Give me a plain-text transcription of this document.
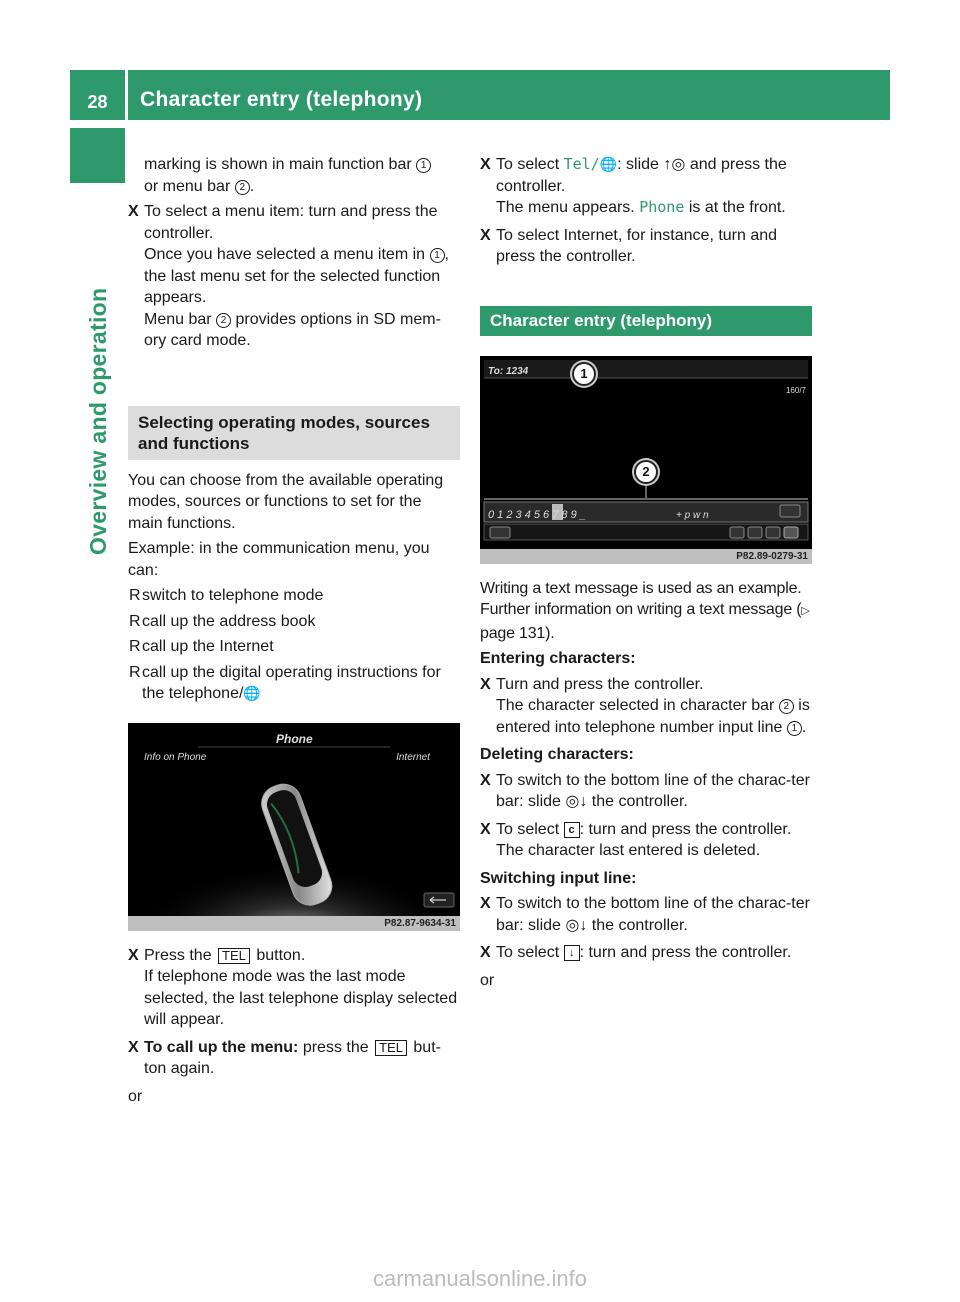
28	Character entry (telephony)
Overview and operation

marking is shown in main function bar 1
or menu bar 2 .

X To select a menu item: turn and press the controller.
Once you have selected a menu item in 1 , the last menu set for the selected function appears.
Menu bar 2 provides options in SD mem-ory card mode.
Selecting operating modes, sources and functions

You can choose from the available operating modes, sources or functions to set for the main functions.

Example: in the communication menu, you can:

R switch to telephone mode
R call up the address book
R call up the Internet
R call up the digital operating instructions for the telephone/🌐
Phone
Info on Phone	Internet
P82.87-9634-31
X Press the TEL button.
If telephone mode was the last mode selected, the last telephone display selected will appear.
X To call up the menu: press the TEL but-ton again.

or

X To select Tel/🌐: slide ↑◎ and press the controller.
The menu appears. Phone is at the front.
X To select Internet, for instance, turn and press the controller.
Character entry (telephony)
To: 1234
160/7
0 1 2 3 4 5 6 7 8 9 _	+ p w n
1
2
P82.89-0279-31

Writing a text message is used as an example. Further information on writing a text message (▷ page 131).

Entering characters:

X Turn and press the controller.
The character selected in character bar 2 is entered into telephone number input line 1 .

Deleting characters:

X To switch to the bottom line of the charac-ter bar: slide ◎↓ the controller.
X To select c : turn and press the controller.
The character last entered is deleted.

Switching input line:

X To switch to the bottom line of the charac-ter bar: slide ◎↓ the controller.
X To select ↓ : turn and press the controller.

or

carmanualsonline.info
